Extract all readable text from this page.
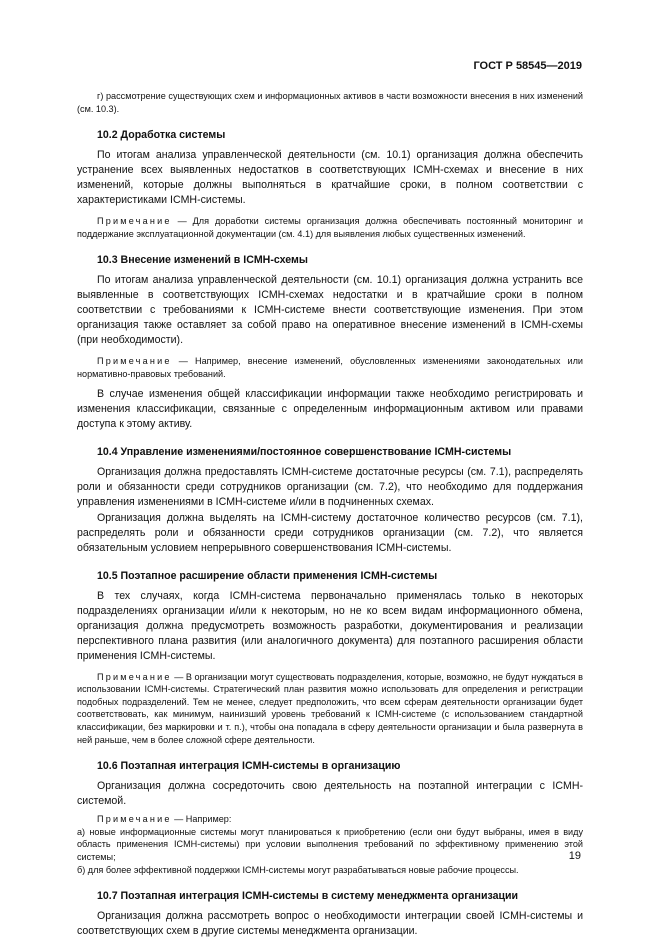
ГОСТ Р 58545—2019

г) рассмотрение существующих схем и информационных активов в части возможности внесения в них изменений (см. 10.3).

10.2 Доработка системы

По итогам анализа управленческой деятельности (см. 10.1) организация должна обеспечить устранение всех выявленных недостатков в соответствующих ICMH-схемах и внесение в них изменений, которые должны выполняться в кратчайшие сроки, в полном соответствии с характеристиками ICMH-системы.

Примечание — Для доработки системы организация должна обеспечивать постоянный мониторинг и поддержание эксплуатационной документации (см. 4.1) для выявления любых существенных изменений.

10.3 Внесение изменений в ICMH-схемы

По итогам анализа управленческой деятельности (см. 10.1) организация должна устранить все выявленные в соответствующих ICMH-схемах недостатки и в кратчайшие сроки в полном соответствии с требованиями к ICMH-системе внести соответствующие изменения. При этом организация также оставляет за собой право на оперативное внесение изменений в ICMH-схемы (при необходимости).

Примечание — Например, внесение изменений, обусловленных изменениями законодательных или нормативно-правовых требований.

В случае изменения общей классификации информации также необходимо регистрировать и изменения классификации, связанные с определенным информационным активом или правами доступа к этому активу.

10.4 Управление изменениями/постоянное совершенствование ICMH-системы

Организация должна предоставлять ICMH-системе достаточные ресурсы (см. 7.1), распределять роли и обязанности среди сотрудников организации (см. 7.2), что необходимо для поддержания управления изменениями в ICMH-системе и/или в подчиненных схемах.

Организация должна выделять на ICMH-систему достаточное количество ресурсов (см. 7.1), распределять роли и обязанности среди сотрудников организации (см. 7.2), что является обязательным условием непрерывного совершенствования ICMH-системы.

10.5 Поэтапное расширение области применения ICMH-системы

В тех случаях, когда ICMH-система первоначально применялась только в некоторых подразделениях организации и/или к некоторым, но не ко всем видам информационного обмена, организация должна предусмотреть возможность разработки, документирования и реализации перспективного плана развития (или аналогичного документа) для поэтапного расширения области применения ICMH-системы.

Примечание — В организации могут существовать подразделения, которые, возможно, не будут нуждаться в использовании ICMH-системы. Стратегический план развития можно использовать для определения и регистрации подобных подразделений. Тем не менее, следует предположить, что всем сферам деятельности организации будет соответствовать, как минимум, наинизший уровень требований к ICMH-системе (с использованием стандартной классификации, без маркировки и т. п.), чтобы она попадала в сферу деятельности организации и была развернута в ней раньше, чем в более сложной сфере деятельности.

10.6 Поэтапная интеграция ICMH-системы в организацию

Организация должна сосредоточить свою деятельность на поэтапной интеграции с ICMH-системой.

Примечание — Например:

а) новые информационные системы могут планироваться к приобретению (если они будут выбраны, имея в виду область применения ICMH-системы) при условии выполнения требований по эффективному применению этой системы;

б) для более эффективной поддержки ICMH-системы могут разрабатываться новые рабочие процессы.

10.7 Поэтапная интеграция ICMH-системы в систему менеджмента организации

Организация должна рассмотреть вопрос о необходимости интеграции своей ICMH-системы и соответствующих схем в другие системы менеджмента организации.

19
